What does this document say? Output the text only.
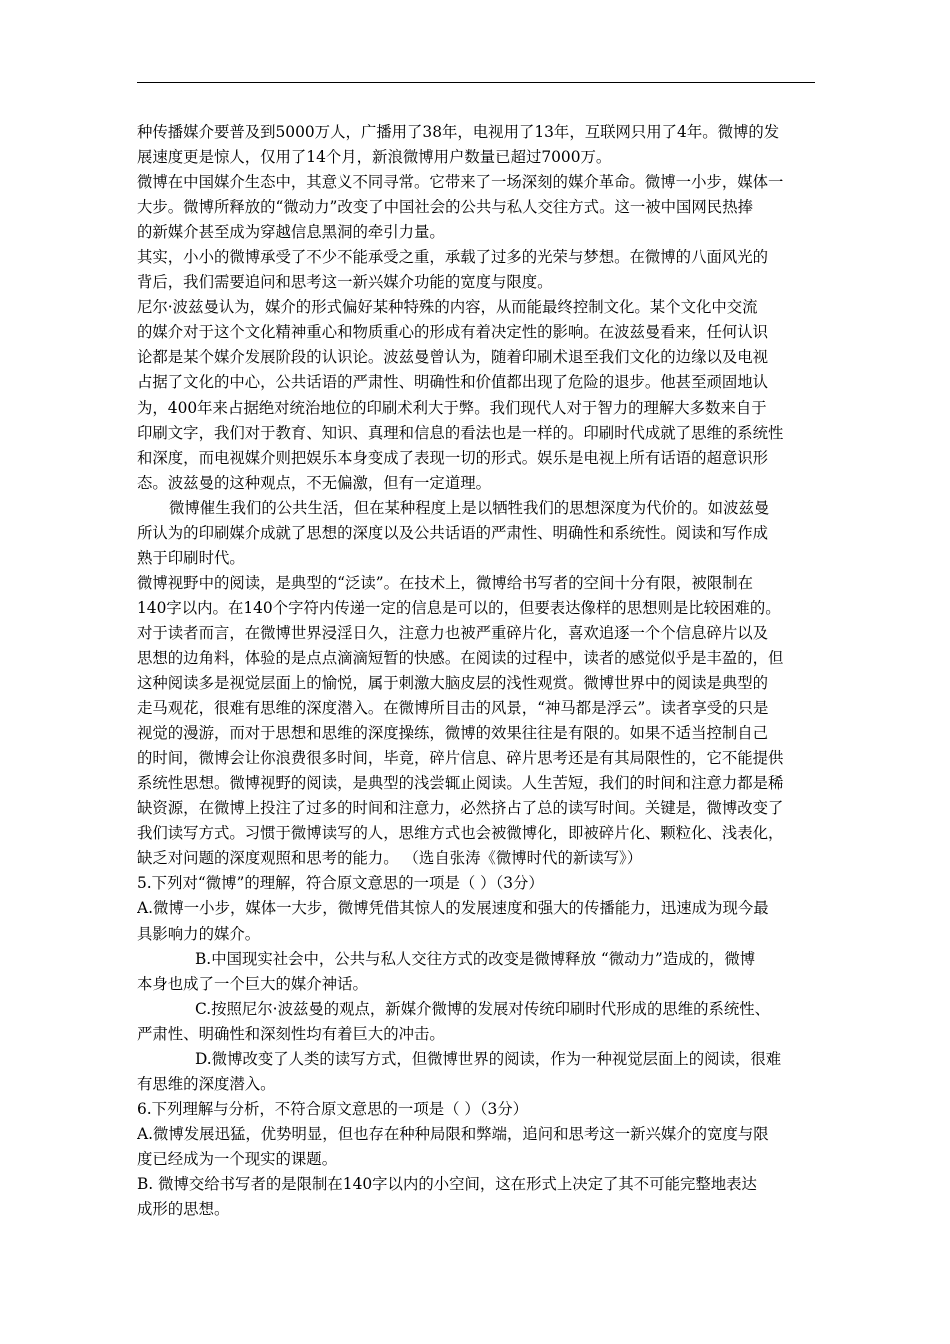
种传播媒介要普及到5000万人，广播用了38年，电视用了13年，互联网只用了4年。微博的发
展速度更是惊人，仅用了14个月，新浪微博用户数量已超过7000万。
微博在中国媒介生态中，其意义不同寻常。它带来了一场深刻的媒介革命。微博一小步，媒体一
大步。微博所释放的“微动力”改变了中国社会的公共与私人交往方式。这一被中国网民热捧
的新媒介甚至成为穿越信息黑洞的牵引力量。
其实，小小的微博承受了不少不能承受之重，承载了过多的光荣与梦想。在微博的八面风光的
背后，我们需要追问和思考这一新兴媒介功能的宽度与限度。
尼尔·波兹曼认为，媒介的形式偏好某种特殊的内容，从而能最终控制文化。某个文化中交流
的媒介对于这个文化精神重心和物质重心的形成有着决定性的影响。在波兹曼看来，任何认识
论都是某个媒介发展阶段的认识论。波兹曼曾认为，随着印刷术退至我们文化的边缘以及电视
占据了文化的中心，公共话语的严肃性、明确性和价值都出现了危险的退步。他甚至顽固地认
为，400年来占据绝对统治地位的印刷术利大于弊。我们现代人对于智力的理解大多数来自于
印刷文字，我们对于教育、知识、真理和信息的看法也是一样的。印刷时代成就了思维的系统性
和深度，而电视媒介则把娱乐本身变成了表现一切的形式。娱乐是电视上所有话语的超意识形
态。波兹曼的这种观点，不无偏激，但有一定道理。
微博催生我们的公共生活，但在某种程度上是以牺牲我们的思想深度为代价的。如波兹曼
所认为的印刷媒介成就了思想的深度以及公共话语的严肃性、明确性和系统性。阅读和写作成
熟于印刷时代。
微博视野中的阅读，是典型的“泛读”。在技术上，微博给书写者的空间十分有限，被限制在
140字以内。在140个字符内传递一定的信息是可以的，但要表达像样的思想则是比较困难的。
对于读者而言，在微博世界浸淫日久，注意力也被严重碎片化，喜欢追逐一个个信息碎片以及
思想的边角料，体验的是点点滴滴短暂的快感。在阅读的过程中，读者的感觉似乎是丰盈的，但
这种阅读多是视觉层面上的愉悦，属于刺激大脑皮层的浅性观赏。微博世界中的阅读是典型的
走马观花，很难有思维的深度潜入。在微博所目击的风景，“神马都是浮云”。读者享受的只是
视觉的漫游，而对于思想和思维的深度操练，微博的效果往往是有限的。如果不适当控制自己
的时间，微博会让你浪费很多时间，毕竟，碎片信息、碎片思考还是有其局限性的，它不能提供
系统性思想。微博视野的阅读，是典型的浅尝辄止阅读。人生苦短，我们的时间和注意力都是稀
缺资源，在微博上投注了过多的时间和注意力，必然挤占了总的读写时间。关键是，微博改变了
我们读写方式。习惯于微博读写的人，思维方式也会被微博化，即被碎片化、颗粒化、浅表化，
缺乏对问题的深度观照和思考的能力。 （选自张涛《微博时代的新读写》）
5.下列对“微博”的理解，符合原文意思的一项是（ ）（3分）
A.微博一小步，媒体一大步，微博凭借其惊人的发展速度和强大的传播能力，迅速成为现今最
具影响力的媒介。
B.中国现实社会中，公共与私人交往方式的改变是微博释放 “微动力”造成的，微博
本身也成了一个巨大的媒介神话。
C.按照尼尔·波兹曼的观点，新媒介微博的发展对传统印刷时代形成的思维的系统性、
严肃性、明确性和深刻性均有着巨大的冲击。
D.微博改变了人类的读写方式，但微博世界的阅读，作为一种视觉层面上的阅读，很难
有思维的深度潜入。
6.下列理解与分析，不符合原文意思的一项是（ ）（3分）
A.微博发展迅猛，优势明显，但也存在种种局限和弊端，追问和思考这一新兴媒介的宽度与限
度已经成为一个现实的课题。
B. 微博交给书写者的是限制在140字以内的小空间，这在形式上决定了其不可能完整地表达
成形的思想。
